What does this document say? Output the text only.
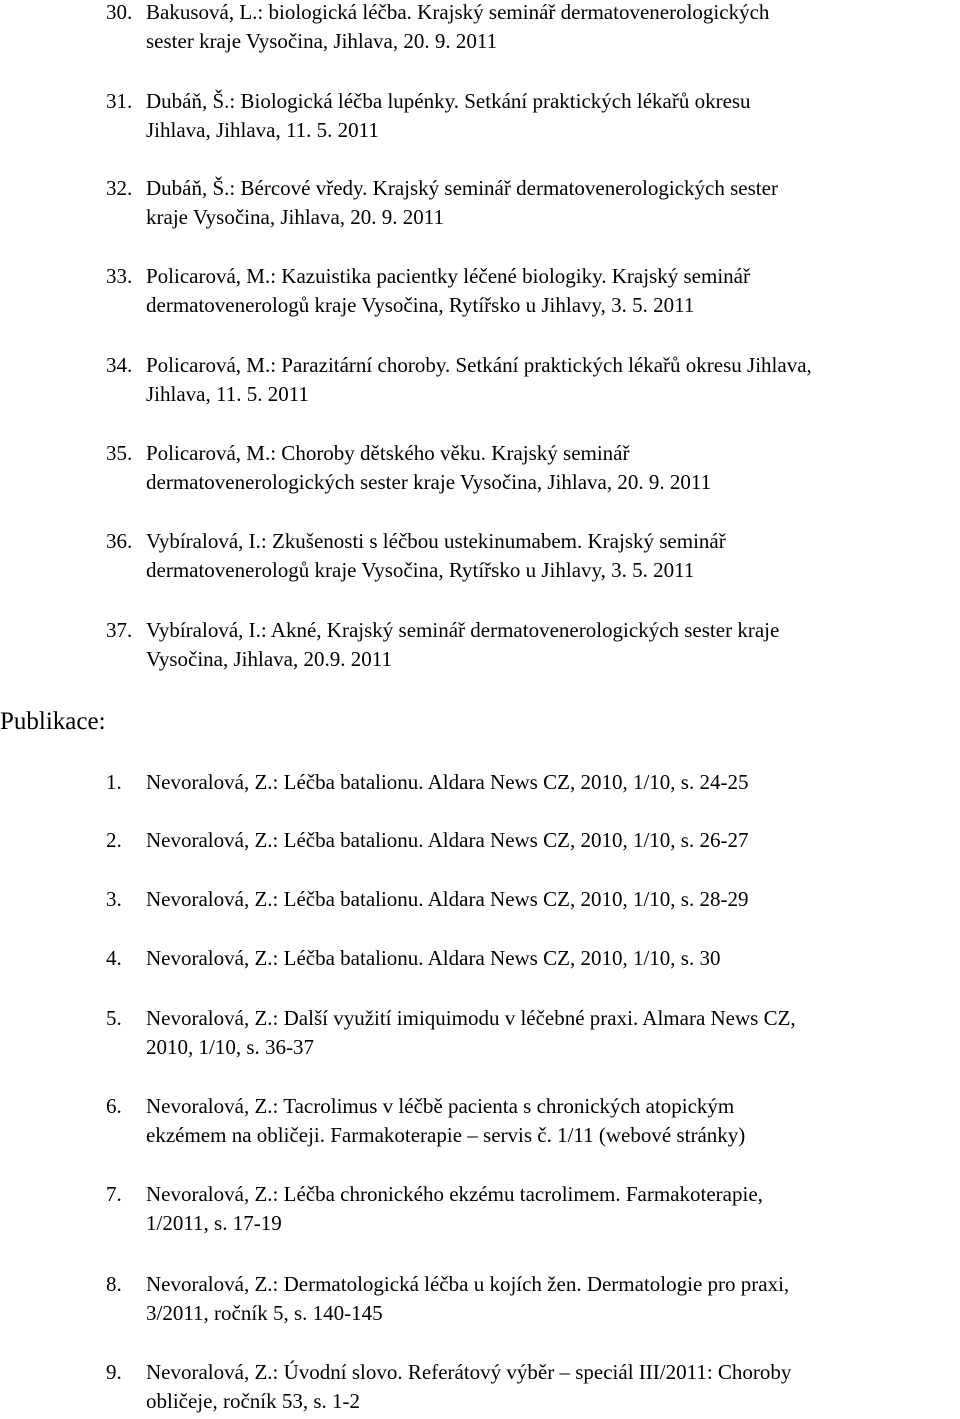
30. Bakusová, L.: biologická léčba. Krajský seminář dermatovenerologických
sester kraje Vysočina, Jihlava, 20. 9. 2011
31. Dubáň, Š.: Biologická léčba lupénky. Setkání praktických lékařů okresu
Jihlava, Jihlava, 11. 5. 2011
32. Dubáň, Š.: Bércové vředy. Krajský seminář dermatovenerologických sester
kraje Vysočina, Jihlava, 20. 9. 2011
33. Policarová, M.: Kazuistika pacientky léčené biologiky. Krajský seminář
dermatovenerologů kraje Vysočina, Rytířsko u Jihlavy, 3. 5. 2011
34. Policarová, M.: Parazitární choroby. Setkání praktických lékařů okresu Jihlava,
Jihlava, 11. 5. 2011
35. Policarová, M.: Choroby dětského věku. Krajský seminář
dermatovenerologických sester kraje Vysočina, Jihlava, 20. 9. 2011
36. Vybíralová, I.: Zkušenosti s léčbou ustekinumabem. Krajský seminář
dermatovenerologů kraje Vysočina, Rytířsko u Jihlavy, 3. 5. 2011
37. Vybíralová, I.: Akné, Krajský seminář dermatovenerologických sester kraje
Vysočina, Jihlava, 20.9. 2011
Publikace:
1. Nevoralová, Z.: Léčba batalionu. Aldara News CZ, 2010, 1/10, s. 24-25
2. Nevoralová, Z.: Léčba batalionu. Aldara News CZ, 2010, 1/10, s. 26-27
3. Nevoralová, Z.: Léčba batalionu. Aldara News CZ, 2010, 1/10, s. 28-29
4. Nevoralová, Z.: Léčba batalionu. Aldara News CZ, 2010, 1/10, s. 30
5. Nevoralová, Z.: Další využití imiquimodu v léčebné praxi. Almara News CZ,
2010, 1/10, s. 36-37
6. Nevoralová, Z.: Tacrolimus v léčbě pacienta s chronických atopickým
ekzémem na obličeji. Farmakoterapie – servis č. 1/11 (webové stránky)
7. Nevoralová, Z.: Léčba chronického ekzému tacrolimem. Farmakoterapie,
1/2011, s. 17-19
8. Nevoralová, Z.: Dermatologická léčba u kojích žen. Dermatologie pro praxi,
3/2011, ročník 5, s. 140-145
9. Nevoralová, Z.: Úvodní slovo. Referátový výběr – speciál III/2011: Choroby
obličeje, ročník 53, s. 1-2
